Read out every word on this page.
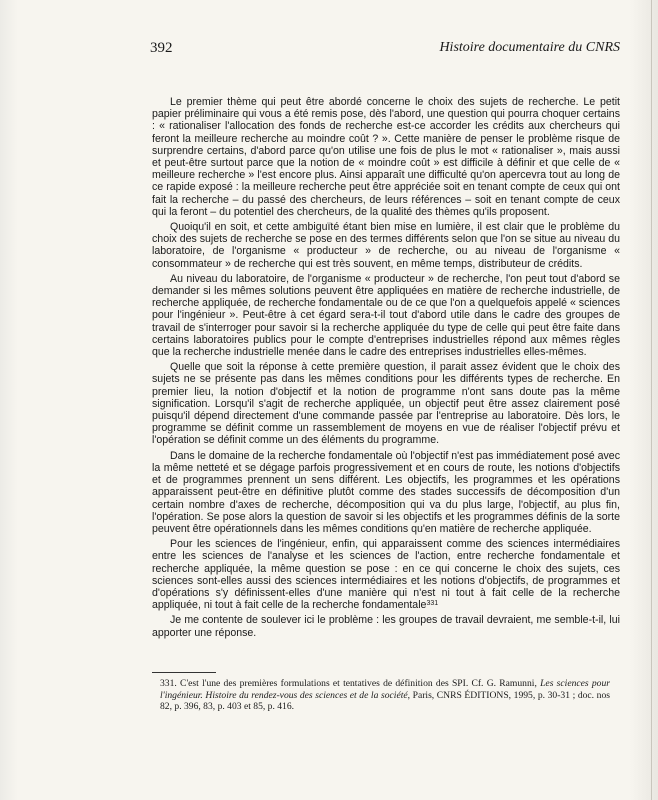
392	Histoire documentaire du CNRS

Le premier thème qui peut être abordé concerne le choix des sujets de recherche. Le petit papier préliminaire qui vous a été remis pose, dès l'abord, une question qui pourra choquer certains : « rationaliser l'allocation des fonds de recherche est-ce accorder les crédits aux chercheurs qui feront la meilleure recherche au moindre coût ? ». Cette manière de penser le problème risque de surprendre certains, d'abord parce qu'on utilise une fois de plus le mot « rationaliser », mais aussi et peut-être surtout parce que la notion de « moindre coût » est difficile à définir et que celle de « meilleure recherche » l'est encore plus. Ainsi apparaît une difficulté qu'on apercevra tout au long de ce rapide exposé : la meilleure recherche peut être appréciée soit en tenant compte de ceux qui ont fait la recherche – du passé des chercheurs, de leurs références – soit en tenant compte de ceux qui la feront – du potentiel des chercheurs, de la qualité des thèmes qu'ils proposent.

Quoiqu'il en soit, et cette ambiguïté étant bien mise en lumière, il est clair que le problème du choix des sujets de recherche se pose en des termes différents selon que l'on se situe au niveau du laboratoire, de l'organisme « producteur » de recherche, ou au niveau de l'organisme « consommateur » de recherche qui est très souvent, en même temps, distributeur de crédits.

Au niveau du laboratoire, de l'organisme « producteur » de recherche, l'on peut tout d'abord se demander si les mêmes solutions peuvent être appliquées en matière de recherche industrielle, de recherche appliquée, de recherche fondamentale ou de ce que l'on a quelquefois appelé « sciences pour l'ingénieur ». Peut-être à cet égard sera-t-il tout d'abord utile dans le cadre des groupes de travail de s'interroger pour savoir si la recherche appliquée du type de celle qui peut être faite dans certains laboratoires publics pour le compte d'entreprises industrielles répond aux mêmes règles que la recherche industrielle menée dans le cadre des entreprises industrielles elles-mêmes.

Quelle que soit la réponse à cette première question, il parait assez évident que le choix des sujets ne se présente pas dans les mêmes conditions pour les différents types de recherche. En premier lieu, la notion d'objectif et la notion de programme n'ont sans doute pas la même signification. Lorsqu'il s'agit de recherche appliquée, un objectif peut être assez clairement posé puisqu'il dépend directement d'une commande passée par l'entreprise au laboratoire. Dès lors, le programme se définit comme un rassemblement de moyens en vue de réaliser l'objectif prévu et l'opération se définit comme un des éléments du programme.

Dans le domaine de la recherche fondamentale où l'objectif n'est pas immédiatement posé avec la même netteté et se dégage parfois progressivement et en cours de route, les notions d'objectifs et de programmes prennent un sens différent. Les objectifs, les programmes et les opérations apparaissent peut-être en définitive plutôt comme des stades successifs de décomposition d'un certain nombre d'axes de recherche, décomposition qui va du plus large, l'objectif, au plus fin, l'opération. Se pose alors la question de savoir si les objectifs et les programmes définis de la sorte peuvent être opérationnels dans les mêmes conditions qu'en matière de recherche appliquée.

Pour les sciences de l'ingénieur, enfin, qui apparaissent comme des sciences intermédiaires entre les sciences de l'analyse et les sciences de l'action, entre recherche fondamentale et recherche appliquée, la même question se pose : en ce qui concerne le choix des sujets, ces sciences sont-elles aussi des sciences intermédiaires et les notions d'objectifs, de programmes et d'opérations s'y définissent-elles d'une manière qui n'est ni tout à fait celle de la recherche appliquée, ni tout à fait celle de la recherche fondamentale$^{331}$

Je me contente de soulever ici le problème : les groupes de travail devraient, me semble-t-il, lui apporter une réponse.

331. C'est l'une des premières formulations et tentatives de définition des SPI. Cf. G. Ramunni, Les sciences pour l'ingénieur. Histoire du rendez-vous des sciences et de la société, Paris, CNRS ÉDITIONS, 1995, p. 30-31 ; doc. nos 82, p. 396, 83, p. 403 et 85, p. 416.
